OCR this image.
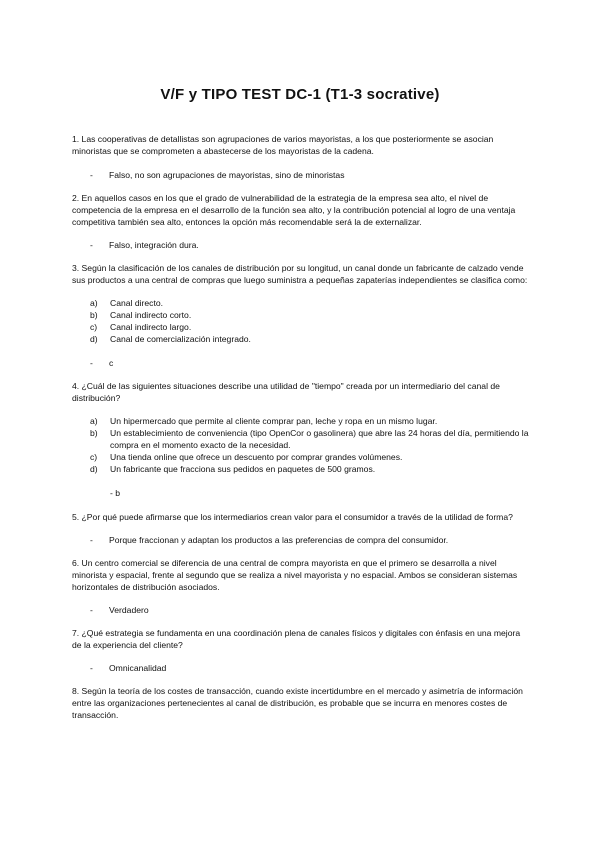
V/F y TIPO TEST DC-1 (T1-3 socrative)

1. Las cooperativas de detallistas son agrupaciones de varios mayoristas, a los que posteriormente se asocian minoristas que se comprometen a abastecerse de los mayoristas de la cadena.

- Falso, no son agrupaciones de mayoristas, sino de minoristas

2. En aquellos casos en los que el grado de vulnerabilidad de la estrategia de la empresa sea alto, el nivel de competencia de la empresa en el desarrollo de la función sea alto, y la contribución potencial al logro de una ventaja competitiva también sea alto, entonces la opción más recomendable será la de externalizar.

- Falso, integración dura.

3. Según la clasificación de los canales de distribución por su longitud, un canal donde un fabricante de calzado vende sus productos a una central de compras que luego suministra a pequeñas zapaterías independientes se clasifica como:

a)	Canal directo.
b)	Canal indirecto corto.
c)	Canal indirecto largo.
d)	Canal de comercialización integrado.

- c

4. ¿Cuál de las siguientes situaciones describe una utilidad de "tiempo" creada por un intermediario del canal de distribución?

a)	Un hipermercado que permite al cliente comprar pan, leche y ropa en un mismo lugar.
b)	Un establecimiento de conveniencia (tipo OpenCor o gasolinera) que abre las 24 horas del día, permitiendo la compra en el momento exacto de la necesidad.
c)	Una tienda online que ofrece un descuento por comprar grandes volúmenes.
d)	Un fabricante que fracciona sus pedidos en paquetes de 500 gramos.

- b

5. ¿Por qué puede afirmarse que los intermediarios crean valor para el consumidor a través de la utilidad de forma?

- Porque fraccionan y adaptan los productos a las preferencias de compra del consumidor.

6. Un centro comercial se diferencia de una central de compra mayorista en que el primero se desarrolla a nivel minorista y espacial, frente al segundo que se realiza a nivel mayorista y no espacial. Ambos se consideran sistemas horizontales de distribución asociados.

- Verdadero

7. ¿Qué estrategia se fundamenta en una coordinación plena de canales físicos y digitales con énfasis en una mejora de la experiencia del cliente?

- Omnicanalidad

8. Según la teoría de los costes de transacción, cuando existe incertidumbre en el mercado y asimetría de información entre las organizaciones pertenecientes al canal de distribución, es probable que se incurra en menores costes de transacción.
